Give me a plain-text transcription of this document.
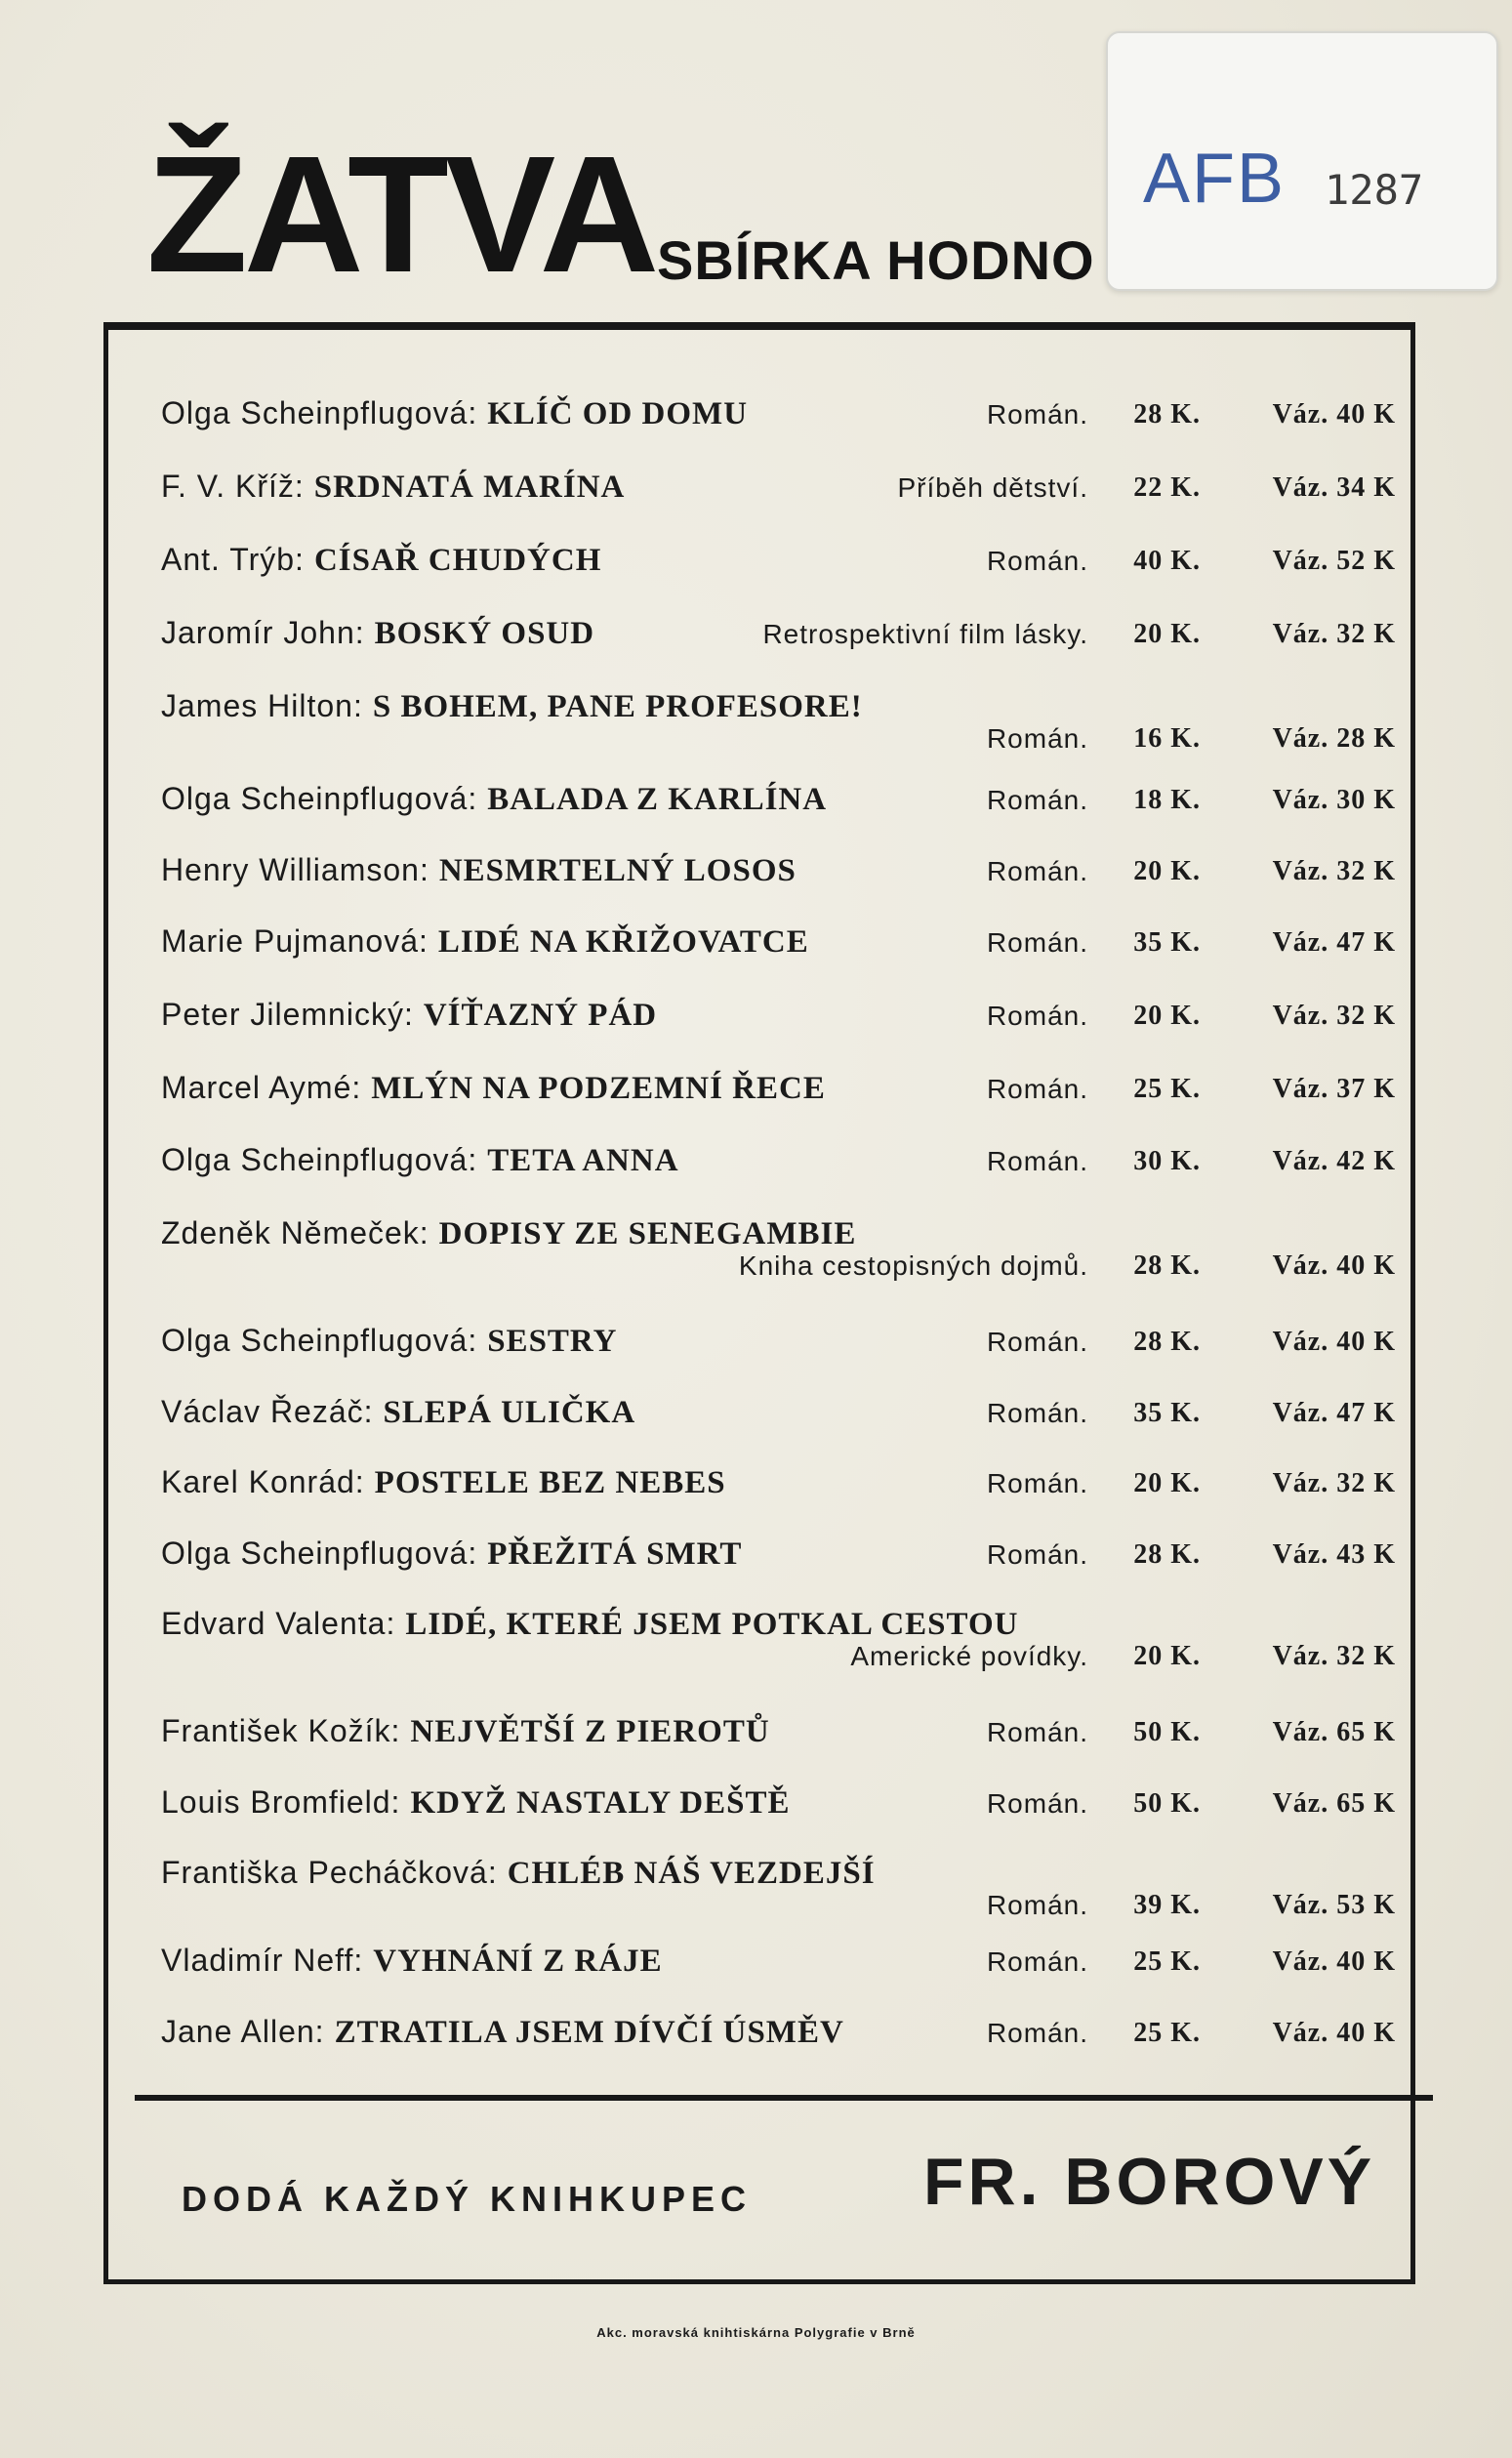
ŽATVA SBÍRKA HODNO
AFB 1287
Olga Scheinpflugová: KLÍČ OD DOMU	Román. 28 K.	Váz. 40 K
F. V. Kříž: SRDNATÁ MARÍNA	Příběh dětství. 22 K.	Váz. 34 K
Ant. Trýb: CÍSAŘ CHUDÝCH	Román. 40 K.	Váz. 52 K
Jaromír John: BOSKÝ OSUD	Retrospektivní film lásky. 20 K.	Váz. 32 K
James Hilton: S BOHEM, PANE PROFESORE!
Román. 16 K.	Váz. 28 K
Olga Scheinpflugová: BALADA Z KARLÍNA	Román. 18 K.	Váz. 30 K
Henry Williamson: NESMRTELNÝ LOSOS	Román. 20 K.	Váz. 32 K
Marie Pujmanová: LIDÉ NA KŘIŽOVATCE	Román. 35 K.	Váz. 47 K
Peter Jilemnický: VÍŤAZNÝ PÁD	Román. 20 K.	Váz. 32 K
Marcel Aymé: MLÝN NA PODZEMNÍ ŘECE	Román. 25 K.	Váz. 37 K
Olga Scheinpflugová: TETA ANNA	Román. 30 K.	Váz. 42 K
Zdeněk Němeček: DOPISY ZE SENEGAMBIE
Kniha cestopisných dojmů. 28 K.	Váz. 40 K
Olga Scheinpflugová: SESTRY	Román. 28 K.	Váz. 40 K
Václav Řezáč: SLEPÁ ULIČKA	Román. 35 K.	Váz. 47 K
Karel Konrád: POSTELE BEZ NEBES	Román. 20 K.	Váz. 32 K
Olga Scheinpflugová: PŘEŽITÁ SMRT	Román. 28 K.	Váz. 43 K
Edvard Valenta: LIDÉ, KTERÉ JSEM POTKAL CESTOU
Americké povídky. 20 K.	Váz. 32 K
František Kožík: NEJVĚTŠÍ Z PIEROTŮ	Román. 50 K.	Váz. 65 K
Louis Bromfield: KDYŽ NASTALY DEŠTĚ	Román. 50 K.	Váz. 65 K
Františka Pecháčková: CHLÉB NÁŠ VEZDEJŠÍ
Román. 39 K.	Váz. 53 K
Vladimír Neff: VYHNÁNÍ Z RÁJE	Román. 25 K.	Váz. 40 K
Jane Allen: ZTRATILA JSEM DÍVČÍ ÚSMĚV	Román. 25 K.	Váz. 40 K
DODÁ KAŽDÝ KNIHKUPEC	FR. BOROVÝ
Akc. moravská knihtiskárna Polygrafie v Brně
